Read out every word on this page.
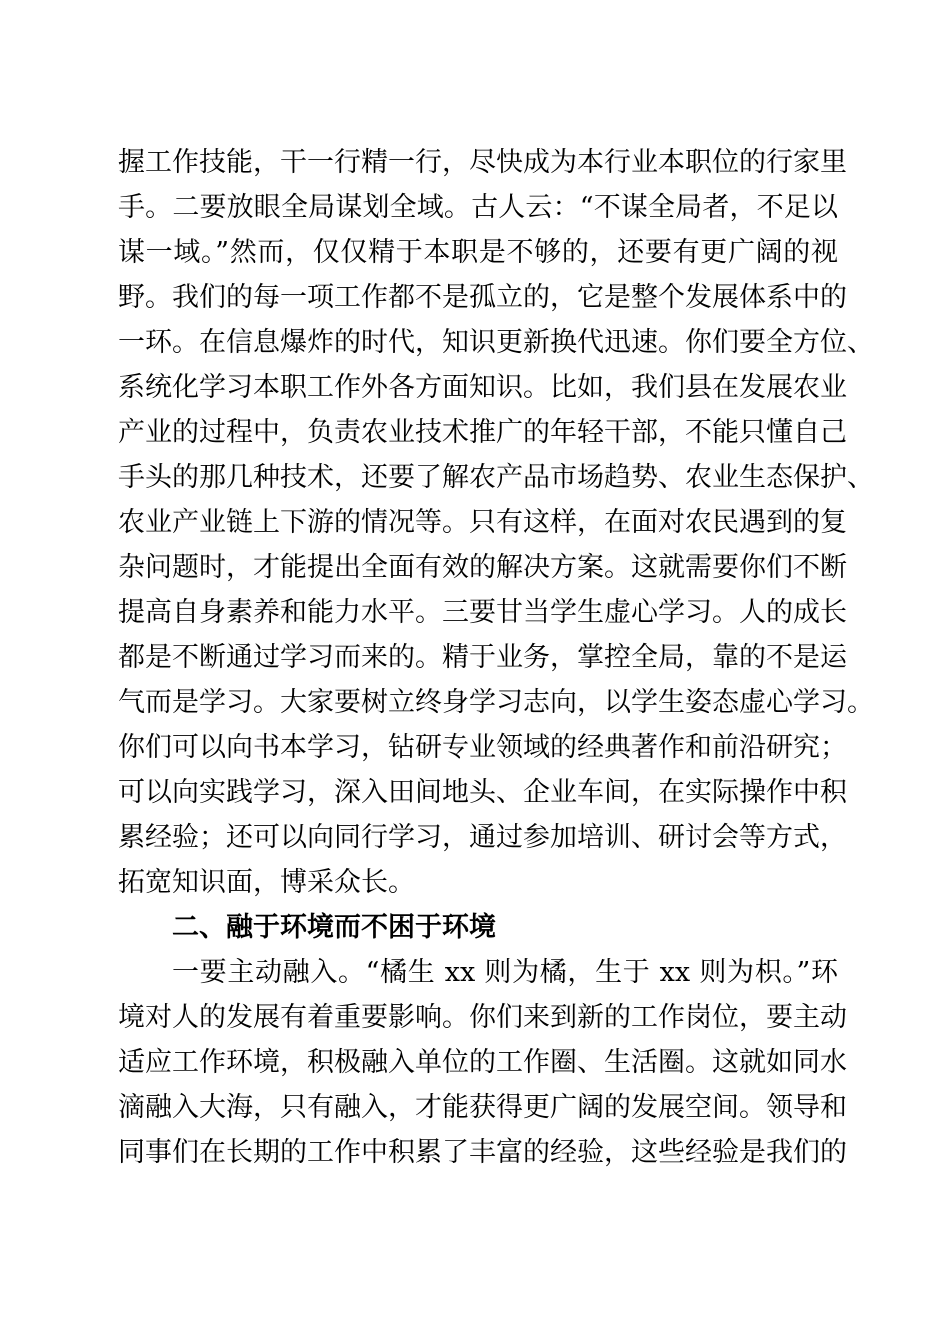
握工作技能，干一行精一行，尽快成为本行业本职位的行家里
手。二要放眼全局谋划全域。古人云：“不谋全局者，不足以
谋一域。”然而，仅仅精于本职是不够的，还要有更广阔的视
野。我们的每一项工作都不是孤立的，它是整个发展体系中的
一环。在信息爆炸的时代，知识更新换代迅速。你们要全方位、
系统化学习本职工作外各方面知识。比如，我们县在发展农业
产业的过程中，负责农业技术推广的年轻干部，不能只懂自己
手头的那几种技术，还要了解农产品市场趋势、农业生态保护、
农业产业链上下游的情况等。只有这样，在面对农民遇到的复
杂问题时，才能提出全面有效的解决方案。这就需要你们不断
提高自身素养和能力水平。三要甘当学生虚心学习。人的成长
都是不断通过学习而来的。精于业务，掌控全局，靠的不是运
气而是学习。大家要树立终身学习志向，以学生姿态虚心学习。
你们可以向书本学习，钻研专业领域的经典著作和前沿研究；
可以向实践学习，深入田间地头、企业车间，在实际操作中积
累经验；还可以向同行学习，通过参加培训、研讨会等方式，
拓宽知识面，博采众长。
二、融于环境而不困于环境
一要主动融入。“橘生 xx 则为橘，生于 xx 则为枳。”环
境对人的发展有着重要影响。你们来到新的工作岗位，要主动
适应工作环境，积极融入单位的工作圈、生活圈。这就如同水
滴融入大海，只有融入，才能获得更广阔的发展空间。领导和
同事们在长期的工作中积累了丰富的经验，这些经验是我们的
